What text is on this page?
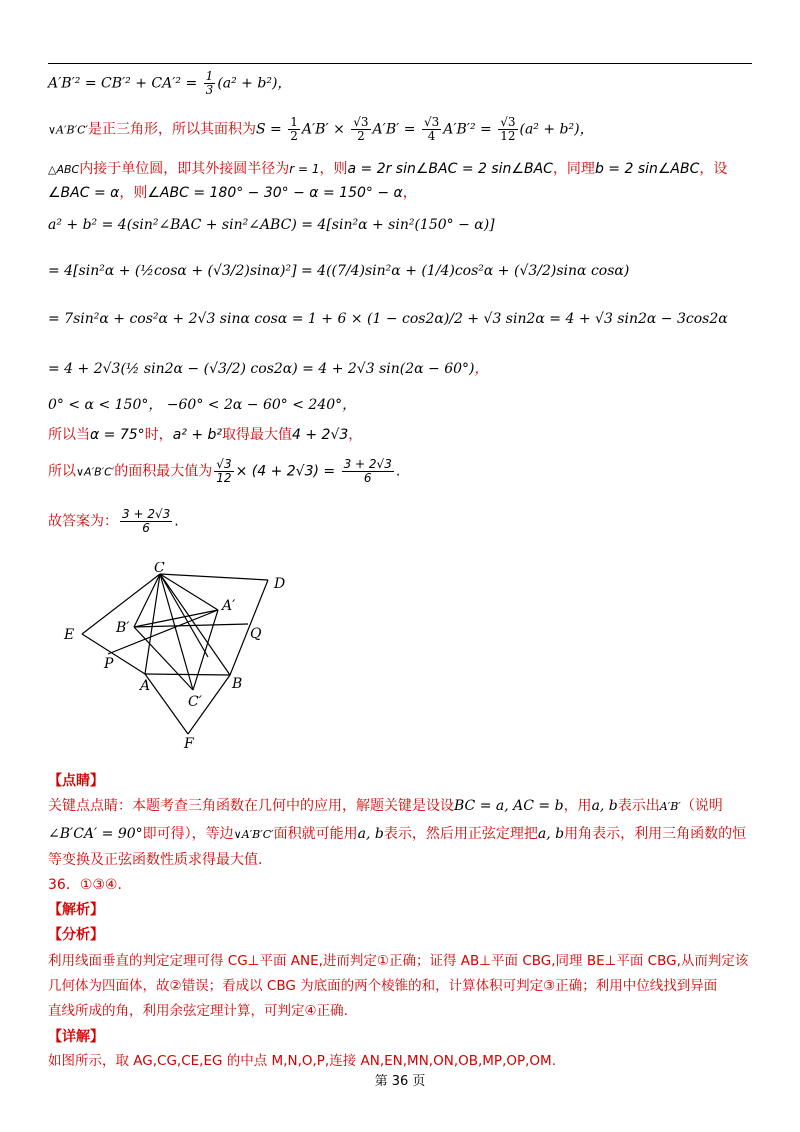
$A'B'^2 = CB'^2 + CA'^2 = \frac{1}{3} (a^2 + b^2)$，
∨A′B′C′是正三角形，所以其面积为$S = \frac{1}{2} A'B' \times \frac{√3}{2} A'B' = \frac{√3}{4} A'B'^2 = \frac{√3}{12} (a^2 + b^2)$，
△ABC内接于单位圆，即其外接圆半径为r = 1，则a = 2r sin∠BAC = 2 sin∠BAC，同理b = 2 sin∠ABC，设
∠BAC = α，则∠ABC = 180° − 30° − α = 150° − α，
a² + b² = 4(sin²∠BAC + sin²∠ABC) = 4[sin²α + sin²(150° − α)]
= 4[sin²α + (½cosα + (√3/2)sinα)²] = 4((7/4)sin²α + (1/4)cos²α + (√3/2)sinα cosα)
= 7sin²α + cos²α + 2√3 sinα cosα = 1 + 6 × (1 − cos2α)/2 + √3 sin2α = 4 + √3 sin2α − 3cos2α
= 4 + 2√3(½ sin2α − (√3/2) cos2α) = 4 + 2√3 sin(2α − 60°)，
0° < α < 150°， −60° < 2α − 60° < 240°，
所以当α = 75°时，a² + b²取得最大值4 + 2√3，
所以∨A′B′C′的面积最大值为 $\frac{√3}{12} \times (4 + 2√3) = \frac{3 + 2√3}{6}$ .
故答案为： $\frac{3 + 2√3}{6}$ .
C
D
A′
E	B′	Q
P
A	B
C′
F
【点睛】
关键点点睛：本题考查三角函数在几何中的应用，解题关键是设设BC = a, AC = b，用a, b表示出A′B′（说明
∠B′CA′ = 90°即可得），等边∨A′B′C′面积就可能用a, b表示，然后用正弦定理把a, b用角表示，利用三角函数的恒
等变换及正弦函数性质求得最大值.
36．①③④.
【解析】
【分析】
利用线面垂直的判定定理可得 CG⊥平面 ANE,进而判定①正确；证得 AB⊥平面 CBG,同理 BE⊥平面 CBG,从而判定该
几何体为四面体，故②错误；看成以 CBG 为底面的两个棱锥的和，计算体积可判定③正确；利用中位线找到异面
直线所成的角，利用余弦定理计算，可判定④正确.
【详解】
如图所示，取 AG,CG,CE,EG 的中点 M,N,O,P,连接 AN,EN,MN,ON,OB,MP,OP,OM.
第 36 页
